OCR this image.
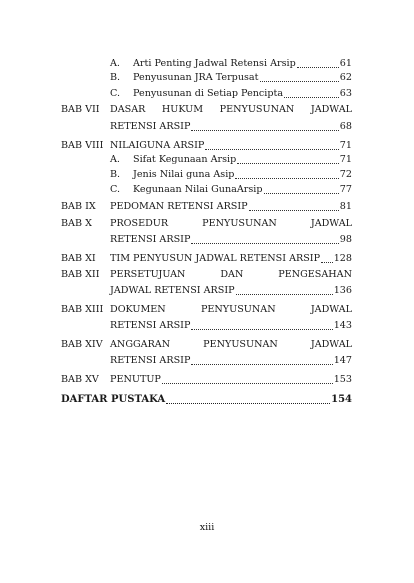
A. Arti Penting Jadwal Retensi Arsip	61
B. Penyusunan JRA Terpusat	62
C. Penyusunan di Setiap Pencipta	63
BAB VII DASAR HUKUM PENYUSUNAN JADWAL
RETENSI ARSIP	68
BAB VIII NILAIGUNA ARSIP	71
A. Sifat Kegunaan Arsip	71
B. Jenis Nilai guna Asip	72
C. Kegunaan Nilai GunaArsip	77
BAB IX PEDOMAN RETENSI ARSIP	81
BAB X PROSEDUR	PENYUSUNAN	JADWAL
RETENSI ARSIP	98
BAB XI TIM PENYUSUN JADWAL RETENSI ARSIP 128
BAB XII PERSETUJUAN	DAN	PENGESAHAN
JADWAL RETENSI ARSIP	136
BAB XIII DOKUMEN	PENYUSUNAN	JADWAL
RETENSI ARSIP	143
BAB XIV ANGGARAN	PENYUSUNAN	JADWAL
RETENSI ARSIP	147
BAB XV PENUTUP	153
DAFTAR PUSTAKA	154
xiii
